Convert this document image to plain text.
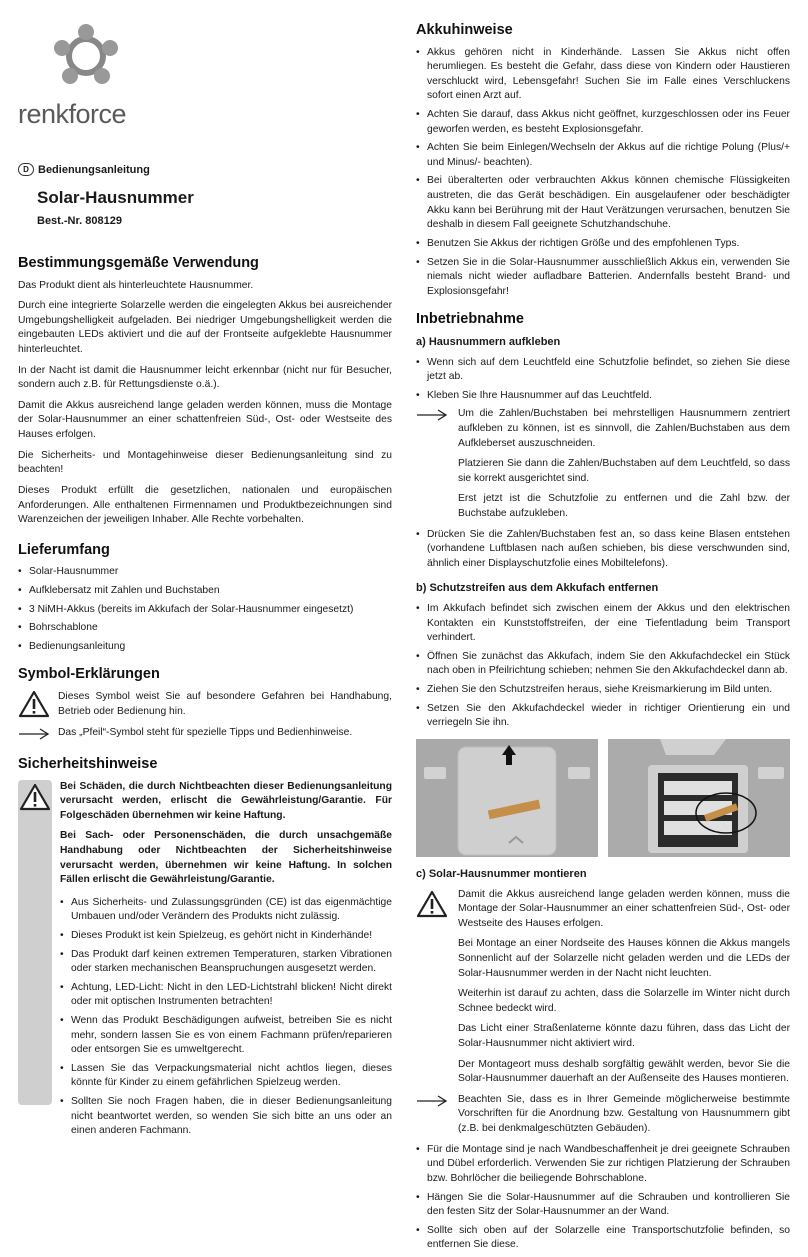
renkforce
D Bedienungsanleitung
Solar-Hausnummer
Best.-Nr. 808129
Bestimmungsgemäße Verwendung

Das Produkt dient als hinterleuchtete Hausnummer.

Durch eine integrierte Solarzelle werden die eingelegten Akkus bei ausreichender Umgebungshelligkeit aufgeladen. Bei niedriger Umgebungshelligkeit werden die eingebauten LEDs aktiviert und die auf der Frontseite aufgeklebte Hausnummer hinterleuchtet.

In der Nacht ist damit die Hausnummer leicht erkennbar (nicht nur für Besucher, sondern auch z.B. für Rettungsdienste o.ä.).

Damit die Akkus ausreichend lange geladen werden können, muss die Montage der Solar-Hausnummer an einer schattenfreien Süd-, Ost- oder Westseite des Hauses erfolgen.

Die Sicherheits- und Montagehinweise dieser Bedienungsanleitung sind zu beachten!

Dieses Produkt erfüllt die gesetzlichen, nationalen und europäischen Anforderungen. Alle enthaltenen Firmennamen und Produktbezeichnungen sind Warenzeichen der jeweiligen Inhaber. Alle Rechte vorbehalten.

Lieferumfang
• Solar-Hausnummer
• Aufklebersatz mit Zahlen und Buchstaben
• 3 NiMH-Akkus (bereits im Akkufach der Solar-Hausnummer eingesetzt)
• Bohrschablone
• Bedienungsanleitung
Symbol-Erklärungen

Dieses Symbol weist Sie auf besondere Gefahren bei Handhabung, Betrieb oder Bedienung hin.

Das „Pfeil“-Symbol steht für spezielle Tipps und Bedienhinweise.

Sicherheitshinweise

Bei Schäden, die durch Nichtbeachten dieser Bedienungsanleitung verursacht werden, erlischt die Gewährleistung/Garantie. Für Folgeschäden übernehmen wir keine Haftung.

Bei Sach- oder Personenschäden, die durch unsachgemäße Handhabung oder Nichtbeachten der Sicherheitshinweise verursacht werden, übernehmen wir keine Haftung. In solchen Fällen erlischt die Gewährleistung/Garantie.

• Aus Sicherheits- und Zulassungsgründen (CE) ist das eigenmächtige Umbauen und/oder Verändern des Produkts nicht zulässig.
• Dieses Produkt ist kein Spielzeug, es gehört nicht in Kinderhände!
• Das Produkt darf keinen extremen Temperaturen, starken Vibrationen oder starken mechanischen Beanspruchungen ausgesetzt werden.
• Achtung, LED-Licht: Nicht in den LED-Lichtstrahl blicken! Nicht direkt oder mit optischen Instrumenten betrachten!
• Wenn das Produkt Beschädigungen aufweist, betreiben Sie es nicht mehr, sondern lassen Sie es von einem Fachmann prüfen/reparieren oder entsorgen Sie es umweltgerecht.
• Lassen Sie das Verpackungsmaterial nicht achtlos liegen, dieses könnte für Kinder zu einem gefährlichen Spielzeug werden.
• Sollten Sie noch Fragen haben, die in dieser Bedienungsanleitung nicht beantwortet werden, so wenden Sie sich bitte an uns oder an einen anderen Fachmann.
Akkuhinweise
• Akkus gehören nicht in Kinderhände. Lassen Sie Akkus nicht offen herumliegen. Es besteht die Gefahr, dass diese von Kindern oder Haustieren verschluckt wird, Lebensgefahr! Suchen Sie im Falle eines Verschluckens sofort einen Arzt auf.
• Achten Sie darauf, dass Akkus nicht geöffnet, kurzgeschlossen oder ins Feuer geworfen werden, es besteht Explosionsgefahr.
• Achten Sie beim Einlegen/Wechseln der Akkus auf die richtige Polung (Plus/+ und Minus/- beachten).
• Bei überalterten oder verbrauchten Akkus können chemische Flüssigkeiten austreten, die das Gerät beschädigen. Ein ausgelaufener oder beschädigter Akku kann bei Berührung mit der Haut Verätzungen verursachen, benutzen Sie deshalb in diesem Fall geeignete Schutzhandschuhe.
• Benutzen Sie Akkus der richtigen Größe und des empfohlenen Typs.
• Setzen Sie in die Solar-Hausnummer ausschließlich Akkus ein, verwenden Sie niemals nicht wieder aufladbare Batterien. Andernfalls besteht Brand- und Explosionsgefahr!
Inbetriebnahme
a) Hausnummern aufkleben
• Wenn sich auf dem Leuchtfeld eine Schutzfolie befindet, so ziehen Sie diese jetzt ab.
• Kleben Sie Ihre Hausnummer auf das Leuchtfeld.

Um die Zahlen/Buchstaben bei mehrstelligen Hausnummern zentriert aufkleben zu können, ist es sinnvoll, die Zahlen/Buchstaben aus dem Aufkleberset auszuschneiden.

Platzieren Sie dann die Zahlen/Buchstaben auf dem Leuchtfeld, so dass sie korrekt ausgerichtet sind.

Erst jetzt ist die Schutzfolie zu entfernen und die Zahl bzw. der Buchstabe aufzukleben.

• Drücken Sie die Zahlen/Buchstaben fest an, so dass keine Blasen entstehen (vorhandene Luftblasen nach außen schieben, bis diese verschwunden sind, ähnlich einer Displayschutzfolie eines Mobiltelefons).
b) Schutzstreifen aus dem Akkufach entfernen
• Im Akkufach befindet sich zwischen einem der Akkus und den elektrischen Kontakten ein Kunststoffstreifen, der eine Tiefentladung beim Transport verhindert.
• Öffnen Sie zunächst das Akkufach, indem Sie den Akkufachdeckel ein Stück nach oben in Pfeilrichtung schieben; nehmen Sie den Akkufachdeckel dann ab.
• Ziehen Sie den Schutzstreifen heraus, siehe Kreismarkierung im Bild unten.
• Setzen Sie den Akkufachdeckel wieder in richtiger Orientierung ein und verriegeln Sie ihn.
c) Solar-Hausnummer montieren

Damit die Akkus ausreichend lange geladen werden können, muss die Montage der Solar-Hausnummer an einer schattenfreien Süd-, Ost- oder Westseite des Hauses erfolgen.

Bei Montage an einer Nordseite des Hauses können die Akkus mangels Sonnenlicht auf der Solarzelle nicht geladen werden und die LEDs der Solar-Hausnummer werden in der Nacht nicht leuchten.

Weiterhin ist darauf zu achten, dass die Solarzelle im Winter nicht durch Schnee bedeckt wird.

Das Licht einer Straßenlaterne könnte dazu führen, dass das Licht der Solar-Hausnummer nicht aktiviert wird.

Der Montageort muss deshalb sorgfältig gewählt werden, bevor Sie die Solar-Hausnummer dauerhaft an der Außenseite des Hauses montieren.

Beachten Sie, dass es in Ihrer Gemeinde möglicherweise bestimmte Vorschriften für die Anordnung bzw. Gestaltung von Hausnummern gibt (z.B. bei denkmalgeschützten Gebäuden).

• Für die Montage sind je nach Wandbeschaffenheit je drei geeignete Schrauben und Dübel erforderlich. Verwenden Sie zur richtigen Platzierung der Schrauben bzw. Bohrlöcher die beiliegende Bohrschablone.
• Hängen Sie die Solar-Hausnummer auf die Schrauben und kontrollieren Sie den festen Sitz der Solar-Hausnummer an der Wand.
• Sollte sich oben auf der Solarzelle eine Transportschutzfolie befinden, so entfernen Sie diese.
